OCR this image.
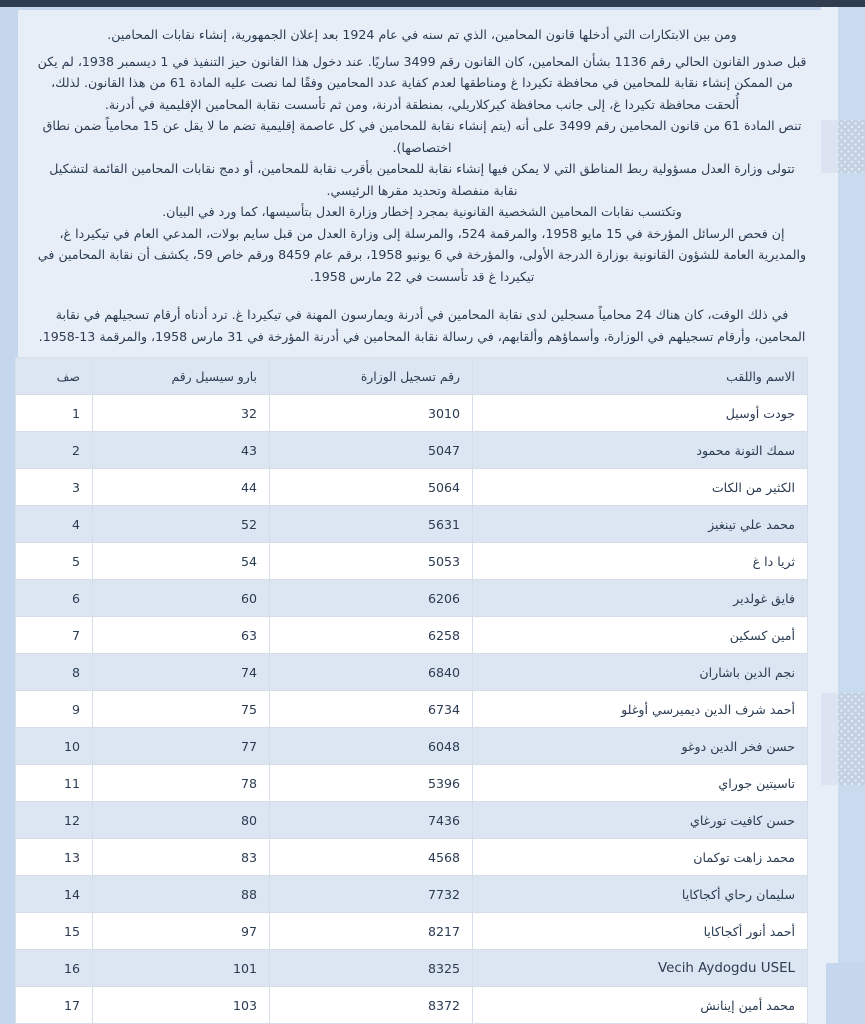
ومن بين الابتكارات التي أدخلها قانون المحامين، الذي تم سنه في عام 1924 بعد إعلان الجمهورية، إنشاء نقابات المحامين.

قبل صدور القانون الحالي رقم 1136 بشأن المحامين، كان القانون رقم 3499 ساريًا. عند دخول هذا القانون حيز التنفيذ في 1 ديسمبر 1938، لم يكن من الممكن إنشاء نقابة للمحامين في محافظة تكيردا غ ومناطقها لعدم كفاية عدد المحامين وفقًا لما نصت عليه المادة 61 من هذا القانون. لذلك، أُلحقت محافظة تكيردا غ، إلى جانب محافظة كيركلاريلي، بمنطقة أدرنة، ومن ثم تأسست نقابة المحامين الإقليمية في أدرنة.

تنص المادة 61 من قانون المحامين رقم 3499 على أنه (يتم إنشاء نقابة للمحامين في كل عاصمة إقليمية تضم ما لا يقل عن 15 محامياً ضمن نطاق اختصاصها).

تتولى وزارة العدل مسؤولية ربط المناطق التي لا يمكن فيها إنشاء نقابة للمحامين بأقرب نقابة للمحامين، أو دمج نقابات المحامين القائمة لتشكيل نقابة منفصلة وتحديد مقرها الرئيسي.

وتكتسب نقابات المحامين الشخصية القانونية بمجرد إخطار وزارة العدل بتأسيسها، كما ورد في البيان.

إن فحص الرسائل المؤرخة في 15 مايو 1958، والمرقمة 524، والمرسلة إلى وزارة العدل من قبل سايم بولات، المدعي العام في تيكيردا غ، والمديرية العامة للشؤون القانونية بوزارة الدرجة الأولى، والمؤرخة في 6 يونيو 1958، برقم عام 8459 ورقم خاص 59، يكشف أن نقابة المحامين في تيكيردا غ قد تأسست في 22 مارس 1958.

في ذلك الوقت، كان هناك 24 محامياً مسجلين لدى نقابة المحامين في أدرنة ويمارسون المهنة في تيكيردا غ. ترد أدناه أرقام تسجيلهم في نقابة المحامين، وأرقام تسجيلهم في الوزارة، وأسماؤهم وألقابهم، في رسالة نقابة المحامين في أدرنة المؤرخة في 31 مارس 1958، والمرقمة 13-1958.

الاسم واللقب	رقم تسجيل الوزارة	بارو سيسيل رقم	صف
جودت أوسيل	3010	32	1
سمك التونة محمود	5047	43	2
الكثير من الكات	5064	44	3
محمد علي تينغيز	5631	52	4
ثريا دا غ	5053	54	5
فايق غولدير	6206	60	6
أمين كسكين	6258	63	7
نجم الدين باشاران	6840	74	8
أحمد شرف الدين ديميرسي أوغلو	6734	75	9
حسن فخر الدين دوغو	6048	77	10
تاسيتين جوراي	5396	78	11
حسن كافيت تورغاي	7436	80	12
محمد زاهت توكمان	4568	83	13
سليمان رحاي أكجاكايا	7732	88	14
أحمد أنور أكجاكايا	8217	97	15
Vecih Aydogdu USEL	8325	101	16
محمد أمين إينانش	8372	103	17
